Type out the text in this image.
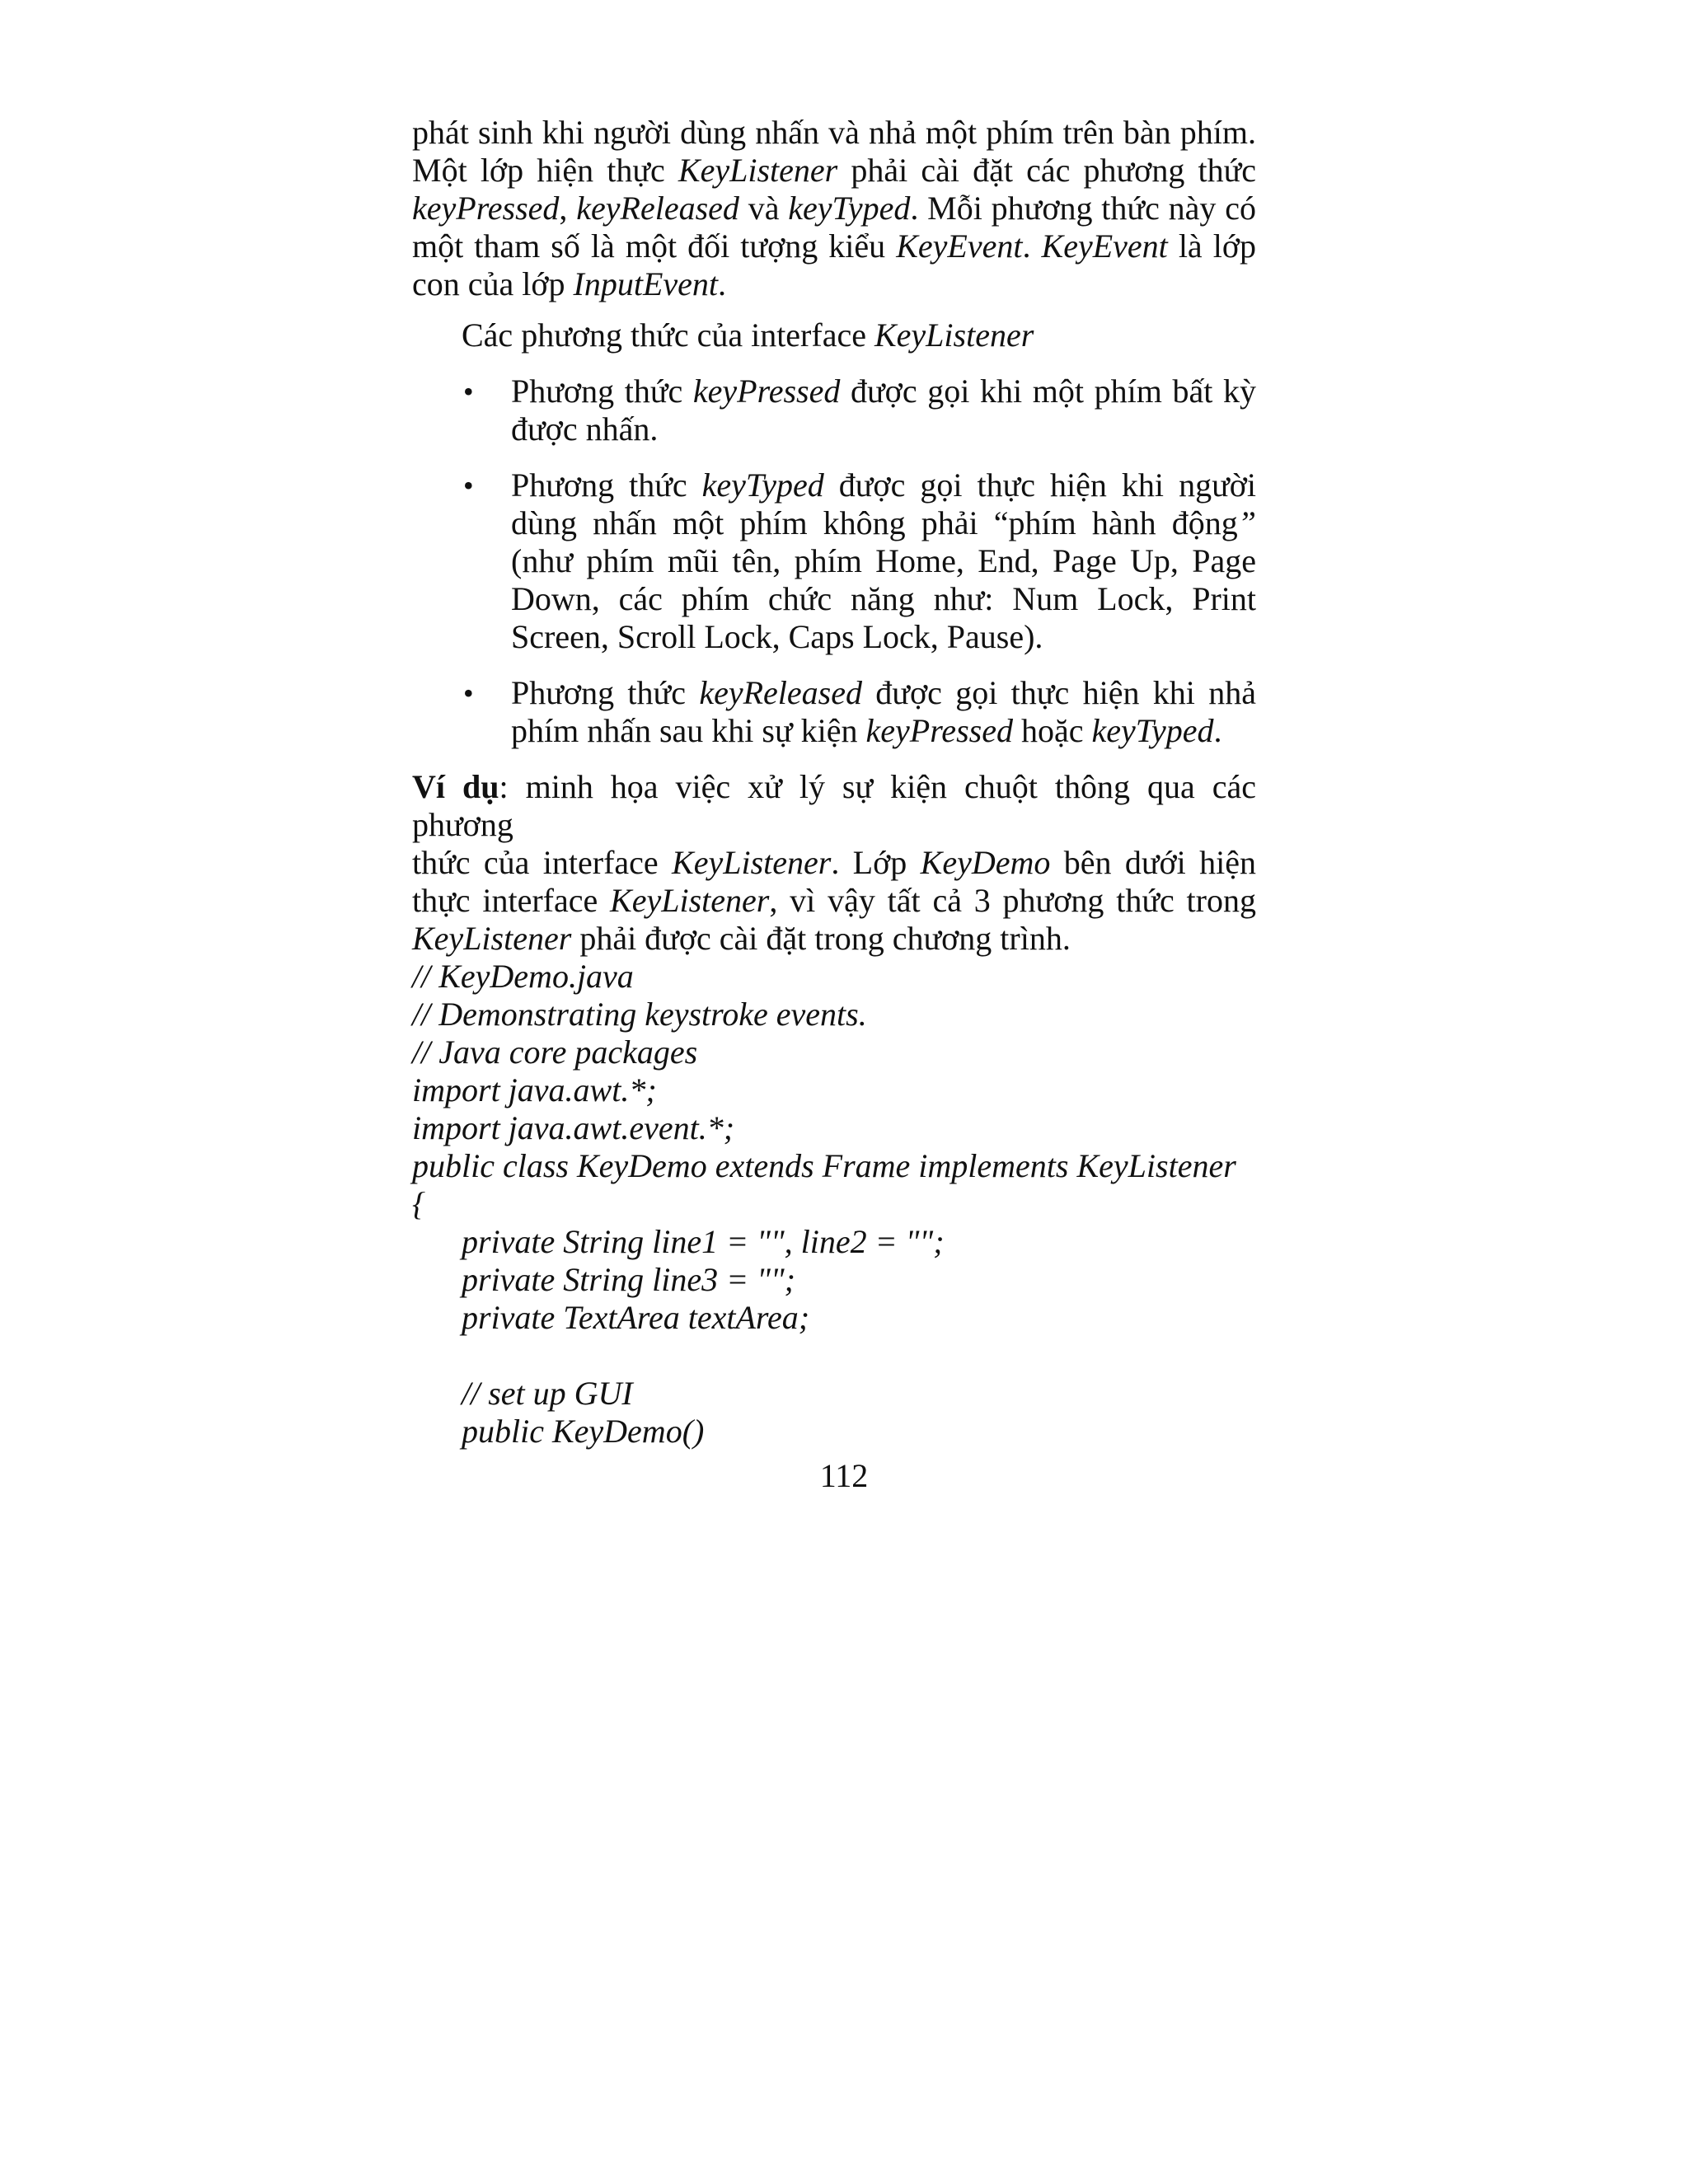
phát sinh khi người dùng nhấn và nhả một phím trên bàn phím.
Một lớp hiện thực KeyListener phải cài đặt các phương thức
keyPressed, keyReleased và keyTyped. Mỗi phương thức này có
một tham số là một đối tượng kiểu KeyEvent. KeyEvent là lớp
con của lớp InputEvent.
Các phương thức của interface KeyListener
• Phương thức keyPressed được gọi khi một phím bất kỳ
được nhấn.
• Phương thức keyTyped được gọi thực hiện khi người
dùng nhấn một phím không phải “phím hành động”
(như phím mũi tên, phím Home, End, Page Up, Page
Down, các phím chức năng như: Num Lock, Print
Screen, Scroll Lock, Caps Lock, Pause).
• Phương thức keyReleased được gọi thực hiện khi nhả
phím nhấn sau khi sự kiện keyPressed hoặc keyTyped.
Ví dụ: minh họa việc xử lý sự kiện chuột thông qua các phương
thức của interface KeyListener. Lớp KeyDemo bên dưới hiện
thực interface KeyListener, vì vậy tất cả 3 phương thức trong
KeyListener phải được cài đặt trong chương trình.
// KeyDemo.java
// Demonstrating keystroke events.
// Java core packages
import java.awt.*;
import java.awt.event.*;
public class KeyDemo extends Frame implements KeyListener
{
private String line1 = "", line2 = "";
private String line3 = "";
private TextArea textArea;
// set up GUI
public KeyDemo()
112
